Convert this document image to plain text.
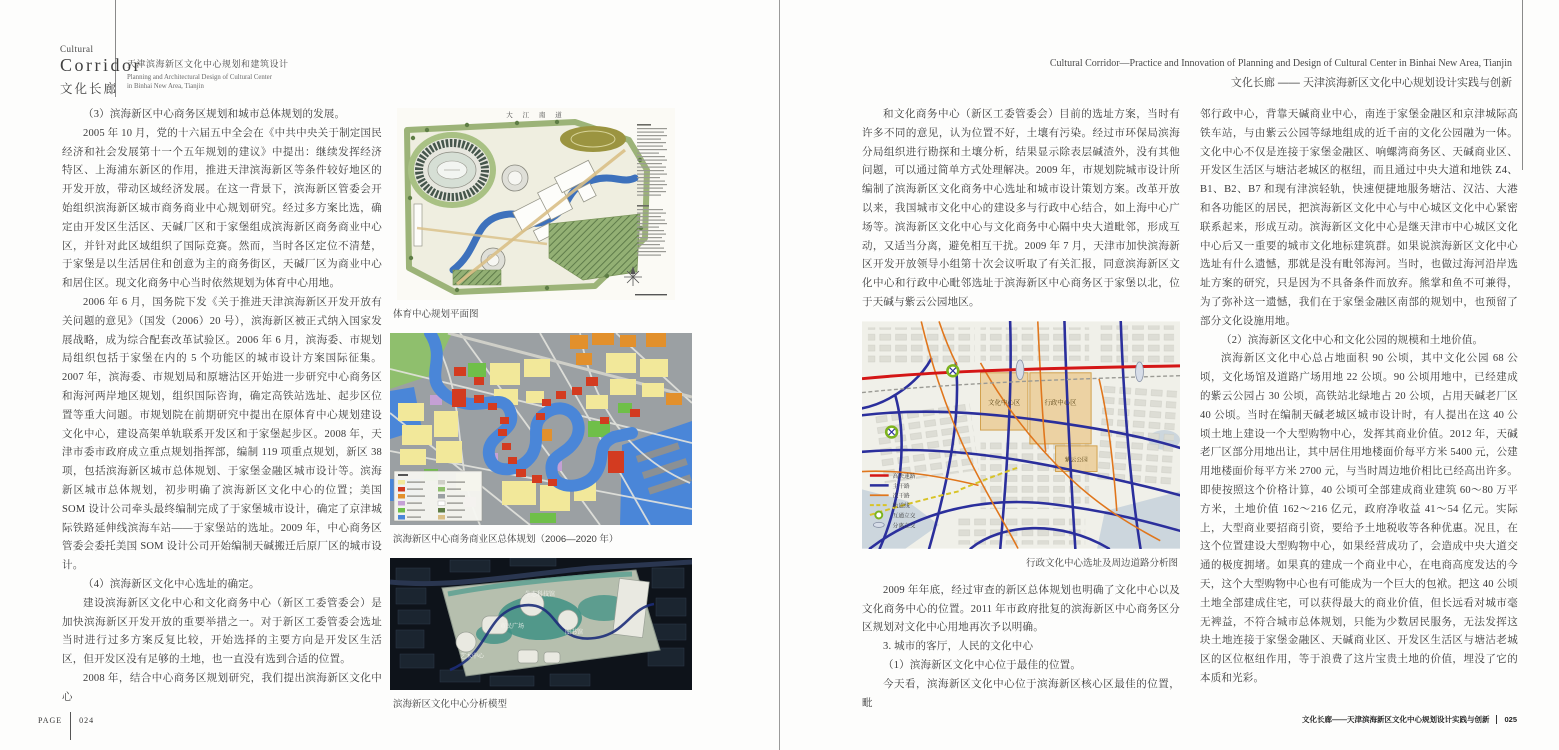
Cultural
Corridor
文化长廊
天津滨海新区文化中心规划和建筑设计
Planning and Architectural Design of Cultural Center
in Binhai New Area, Tianjin

（3）滨海新区中心商务区规划和城市总体规划的发展。

2005 年 10 月，党的十六届五中全会在《中共中央关于制定国民经济和社会发展第十一个五年规划的建议》中提出：继续发挥经济特区、上海浦东新区的作用，推进天津滨海新区等条件较好地区的开发开放，带动区域经济发展。在这一背景下，滨海新区管委会开始组织滨海新区城市商务商业中心规划研究。经过多方案比选，确定由开发区生活区、天碱厂区和于家堡组成滨海新区商务商业中心区，并针对此区域组织了国际竞赛。然而，当时各区定位不清楚，于家堡是以生活居住和创意为主的商务街区，天碱厂区为商业中心和居住区。现文化商务中心当时依然规划为体育中心用地。

2006 年 6 月，国务院下发《关于推进天津滨海新区开发开放有关问题的意见》（国发（2006）20 号），滨海新区被正式纳入国家发展战略，成为综合配套改革试验区。2006 年 6 月，滨海委、市规划局组织包括于家堡在内的 5 个功能区的城市设计方案国际征集。2007 年，滨海委、市规划局和原塘沽区开始进一步研究中心商务区和海河两岸地区规划，组织国际咨询，确定高铁站选址、起步区位置等重大问题。市规划院在前期研究中提出在原体育中心规划建设文化中心，建设高架单轨联系开发区和于家堡起步区。2008 年，天津市委市政府成立重点规划指挥部，编制 119 项重点规划，新区 38 项，包括滨海新区城市总体规划、于家堡金融区城市设计等。滨海新区城市总体规划，初步明确了滨海新区文化中心的位置；美国 SOM 设计公司牵头最终编制完成了于家堡城市设计，确定了京津城际铁路延伸线滨海车站——于家堡站的选址。2009 年，中心商务区管委会委托美国 SOM 设计公司开始编制天碱搬迁后原厂区的城市设计。

（4）滨海新区文化中心选址的确定。

建设滨海新区文化中心和文化商务中心（新区工委管委会）是加快滨海新区开发开放的重要举措之一。对于新区工委管委会选址当时进行过多方案反复比较，开始选择的主要方向是开发区生活区，但开发区没有足够的土地，也一直没有选到合适的位置。

2008 年，结合中心商务区规划研究，我们提出滨海新区文化中心

大 江 南 道
体育中心规划平面图
滨海新区中心商务商业区总体规划（2006—2020 年）
生态科技馆
市民广场
艺术中心
图书馆
滨海新区文化中心分析模型
PAGE 024
Cultural Corridor—Practice and Innovation of Planning and Design of Cultural Center in Binhai New Area, Tianjin
文化长廊 —— 天津滨海新区文化中心规划设计实践与创新

和文化商务中心（新区工委管委会）目前的选址方案，当时有许多不同的意见，认为位置不好，土壤有污染。经过市环保局滨海分局组织进行勘探和土壤分析，结果显示除表层碱渣外，没有其他问题，可以通过简单方式处理解决。2009 年，市规划院城市设计所编制了滨海新区文化商务中心选址和城市设计策划方案。改革开放以来，我国城市文化中心的建设多与行政中心结合，如上海中心广场等。滨海新区文化中心与文化商务中心隔中央大道毗邻，形成互动，又适当分离，避免相互干扰。2009 年 7 月，天津市加快滨海新区开发开放领导小组第十次会议听取了有关汇报，同意滨海新区文化中心和行政中心毗邻选址于滨海新区中心商务区于家堡以北，位于天碱与紫云公园地区。

文化中心区	行政中心区
紫云公园
高快速路
主干路
次干路
轨道线
互通立交
分离立交
行政文化中心选址及周边道路分析图

2009 年年底，经过审查的新区总体规划也明确了文化中心以及文化商务中心的位置。2011 年市政府批复的滨海新区中心商务区分区规划对文化中心用地再次予以明确。

3. 城市的客厅，人民的文化中心

（1）滨海新区文化中心位于最佳的位置。

今天看，滨海新区文化中心位于滨海新区核心区最佳的位置，毗

邻行政中心，背靠天碱商业中心，南连于家堡金融区和京津城际高铁车站，与由紫云公园等绿地组成的近千亩的文化公园融为一体。文化中心不仅是连接于家堡金融区、响螺湾商务区、天碱商业区、开发区生活区与塘沽老城区的枢纽，而且通过中央大道和地铁 Z4、B1、B2、B7 和现有津滨轻轨，快速便捷地服务塘沽、汉沽、大港和各功能区的居民，把滨海新区文化中心与中心城区文化中心紧密联系起来，形成互动。滨海新区文化中心是继天津市中心城区文化中心后又一重要的城市文化地标建筑群。如果说滨海新区文化中心选址有什么遗憾，那就是没有毗邻海河。当时，也做过海河沿岸选址方案的研究，只是因为不具备条件而放弃。熊掌和鱼不可兼得，为了弥补这一遗憾，我们在于家堡金融区南部的规划中，也预留了部分文化设施用地。

（2）滨海新区文化中心和文化公园的规模和土地价值。

滨海新区文化中心总占地面积 90 公顷，其中文化公园 68 公顷，文化场馆及道路广场用地 22 公顷。90 公顷用地中，已经建成的紫云公园占 30 公顷，高铁站北绿地占 20 公顷，占用天碱老厂区 40 公顷。当时在编制天碱老城区城市设计时，有人提出在这 40 公顷土地上建设一个大型购物中心，发挥其商业价值。2012 年，天碱老厂区部分用地出让，其中居住用地楼面价每平方米 5400 元，公建用地楼面价每平方米 2700 元，与当时周边地价相比已经高出许多。即使按照这个价格计算，40 公顷可全部建成商业建筑 60～80 万平方米，土地价值 162～216 亿元，政府净收益 41～54 亿元。实际上，大型商业要招商引资，要给予土地税收等各种优惠。况且，在这个位置建设大型购物中心，如果经营成功了，会造成中央大道交通的极度拥堵。如果真的建成一个商业中心，在电商高度发达的今天，这个大型购物中心也有可能成为一个巨大的包袱。把这 40 公顷土地全部建成住宅，可以获得最大的商业价值，但长远看对城市毫无裨益，不符合城市总体规划，只能为少数居民服务，无法发挥这块土地连接于家堡金融区、天碱商业区、开发区生活区与塘沽老城区的区位枢纽作用，等于浪费了这片宝贵土地的价值，埋没了它的本质和光彩。

文化长廊——天津滨海新区文化中心规划设计实践与创新 025
